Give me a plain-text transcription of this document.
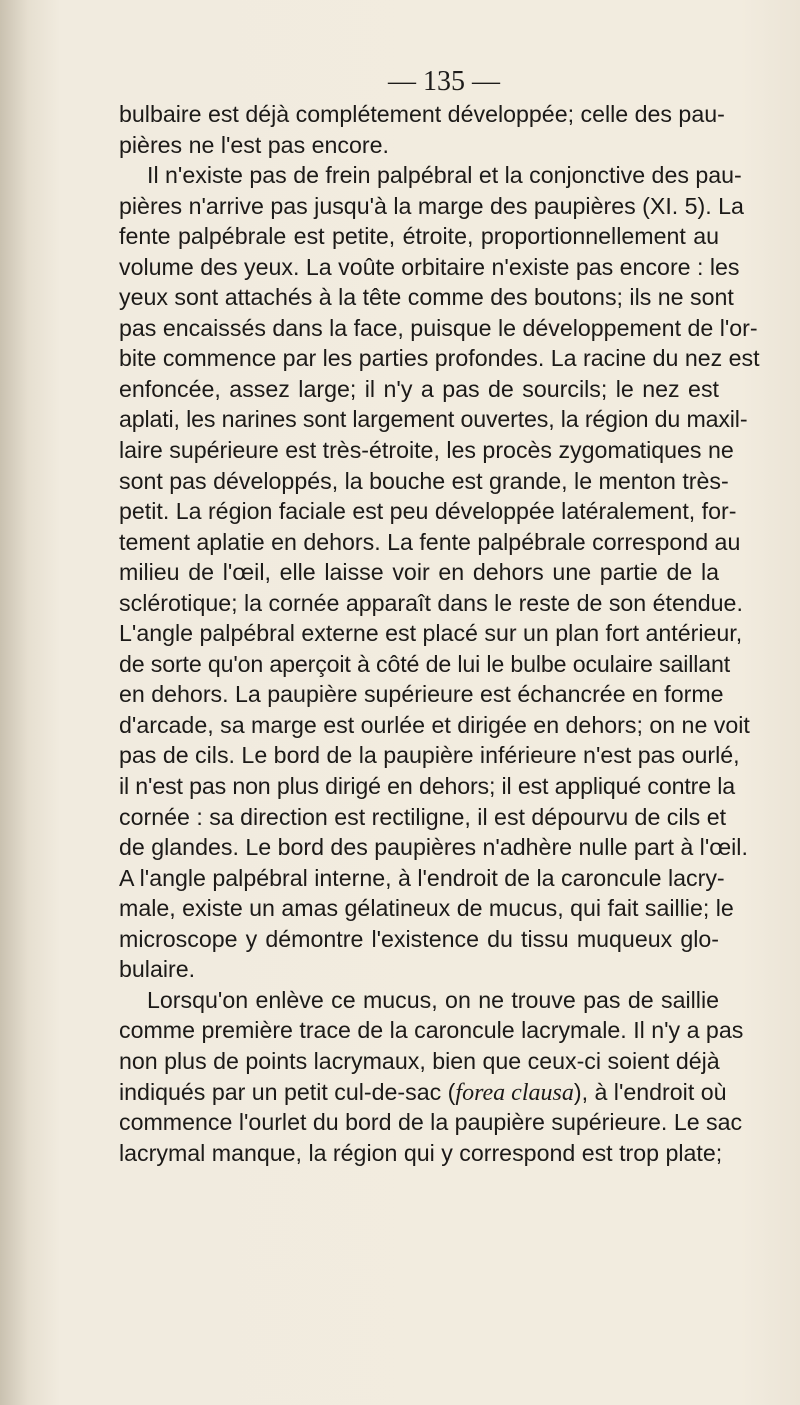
— 135 —
bulbaire est déjà complétement développée; celle des pau-
pières ne l'est pas encore.
Il n'existe pas de frein palpébral et la conjonctive des pau-
pières n'arrive pas jusqu'à la marge des paupières (XI. 5). La
fente palpébrale est petite, étroite, proportionnellement au
volume des yeux. La voûte orbitaire n'existe pas encore : les
yeux sont attachés à la tête comme des boutons; ils ne sont
pas encaissés dans la face, puisque le développement de l'or-
bite commence par les parties profondes. La racine du nez est
enfoncée, assez large; il n'y a pas de sourcils; le nez est
aplati, les narines sont largement ouvertes, la région du maxil-
laire supérieure est très-étroite, les procès zygomatiques ne
sont pas développés, la bouche est grande, le menton très-
petit. La région faciale est peu développée latéralement, for-
tement aplatie en dehors. La fente palpébrale correspond au
milieu de l'œil, elle laisse voir en dehors une partie de la
sclérotique; la cornée apparaît dans le reste de son étendue.
L'angle palpébral externe est placé sur un plan fort antérieur,
de sorte qu'on aperçoit à côté de lui le bulbe oculaire saillant
en dehors. La paupière supérieure est échancrée en forme
d'arcade, sa marge est ourlée et dirigée en dehors; on ne voit
pas de cils. Le bord de la paupière inférieure n'est pas ourlé,
il n'est pas non plus dirigé en dehors; il est appliqué contre la
cornée : sa direction est rectiligne, il est dépourvu de cils et
de glandes. Le bord des paupières n'adhère nulle part à l'œil.
A l'angle palpébral interne, à l'endroit de la caroncule lacry-
male, existe un amas gélatineux de mucus, qui fait saillie; le
microscope y démontre l'existence du tissu muqueux glo-
bulaire.
Lorsqu'on enlève ce mucus, on ne trouve pas de saillie
comme première trace de la caroncule lacrymale. Il n'y a pas
non plus de points lacrymaux, bien que ceux-ci soient déjà
indiqués par un petit cul-de-sac (forea clausa), à l'endroit où
commence l'ourlet du bord de la paupière supérieure. Le sac
lacrymal manque, la région qui y correspond est trop plate;
